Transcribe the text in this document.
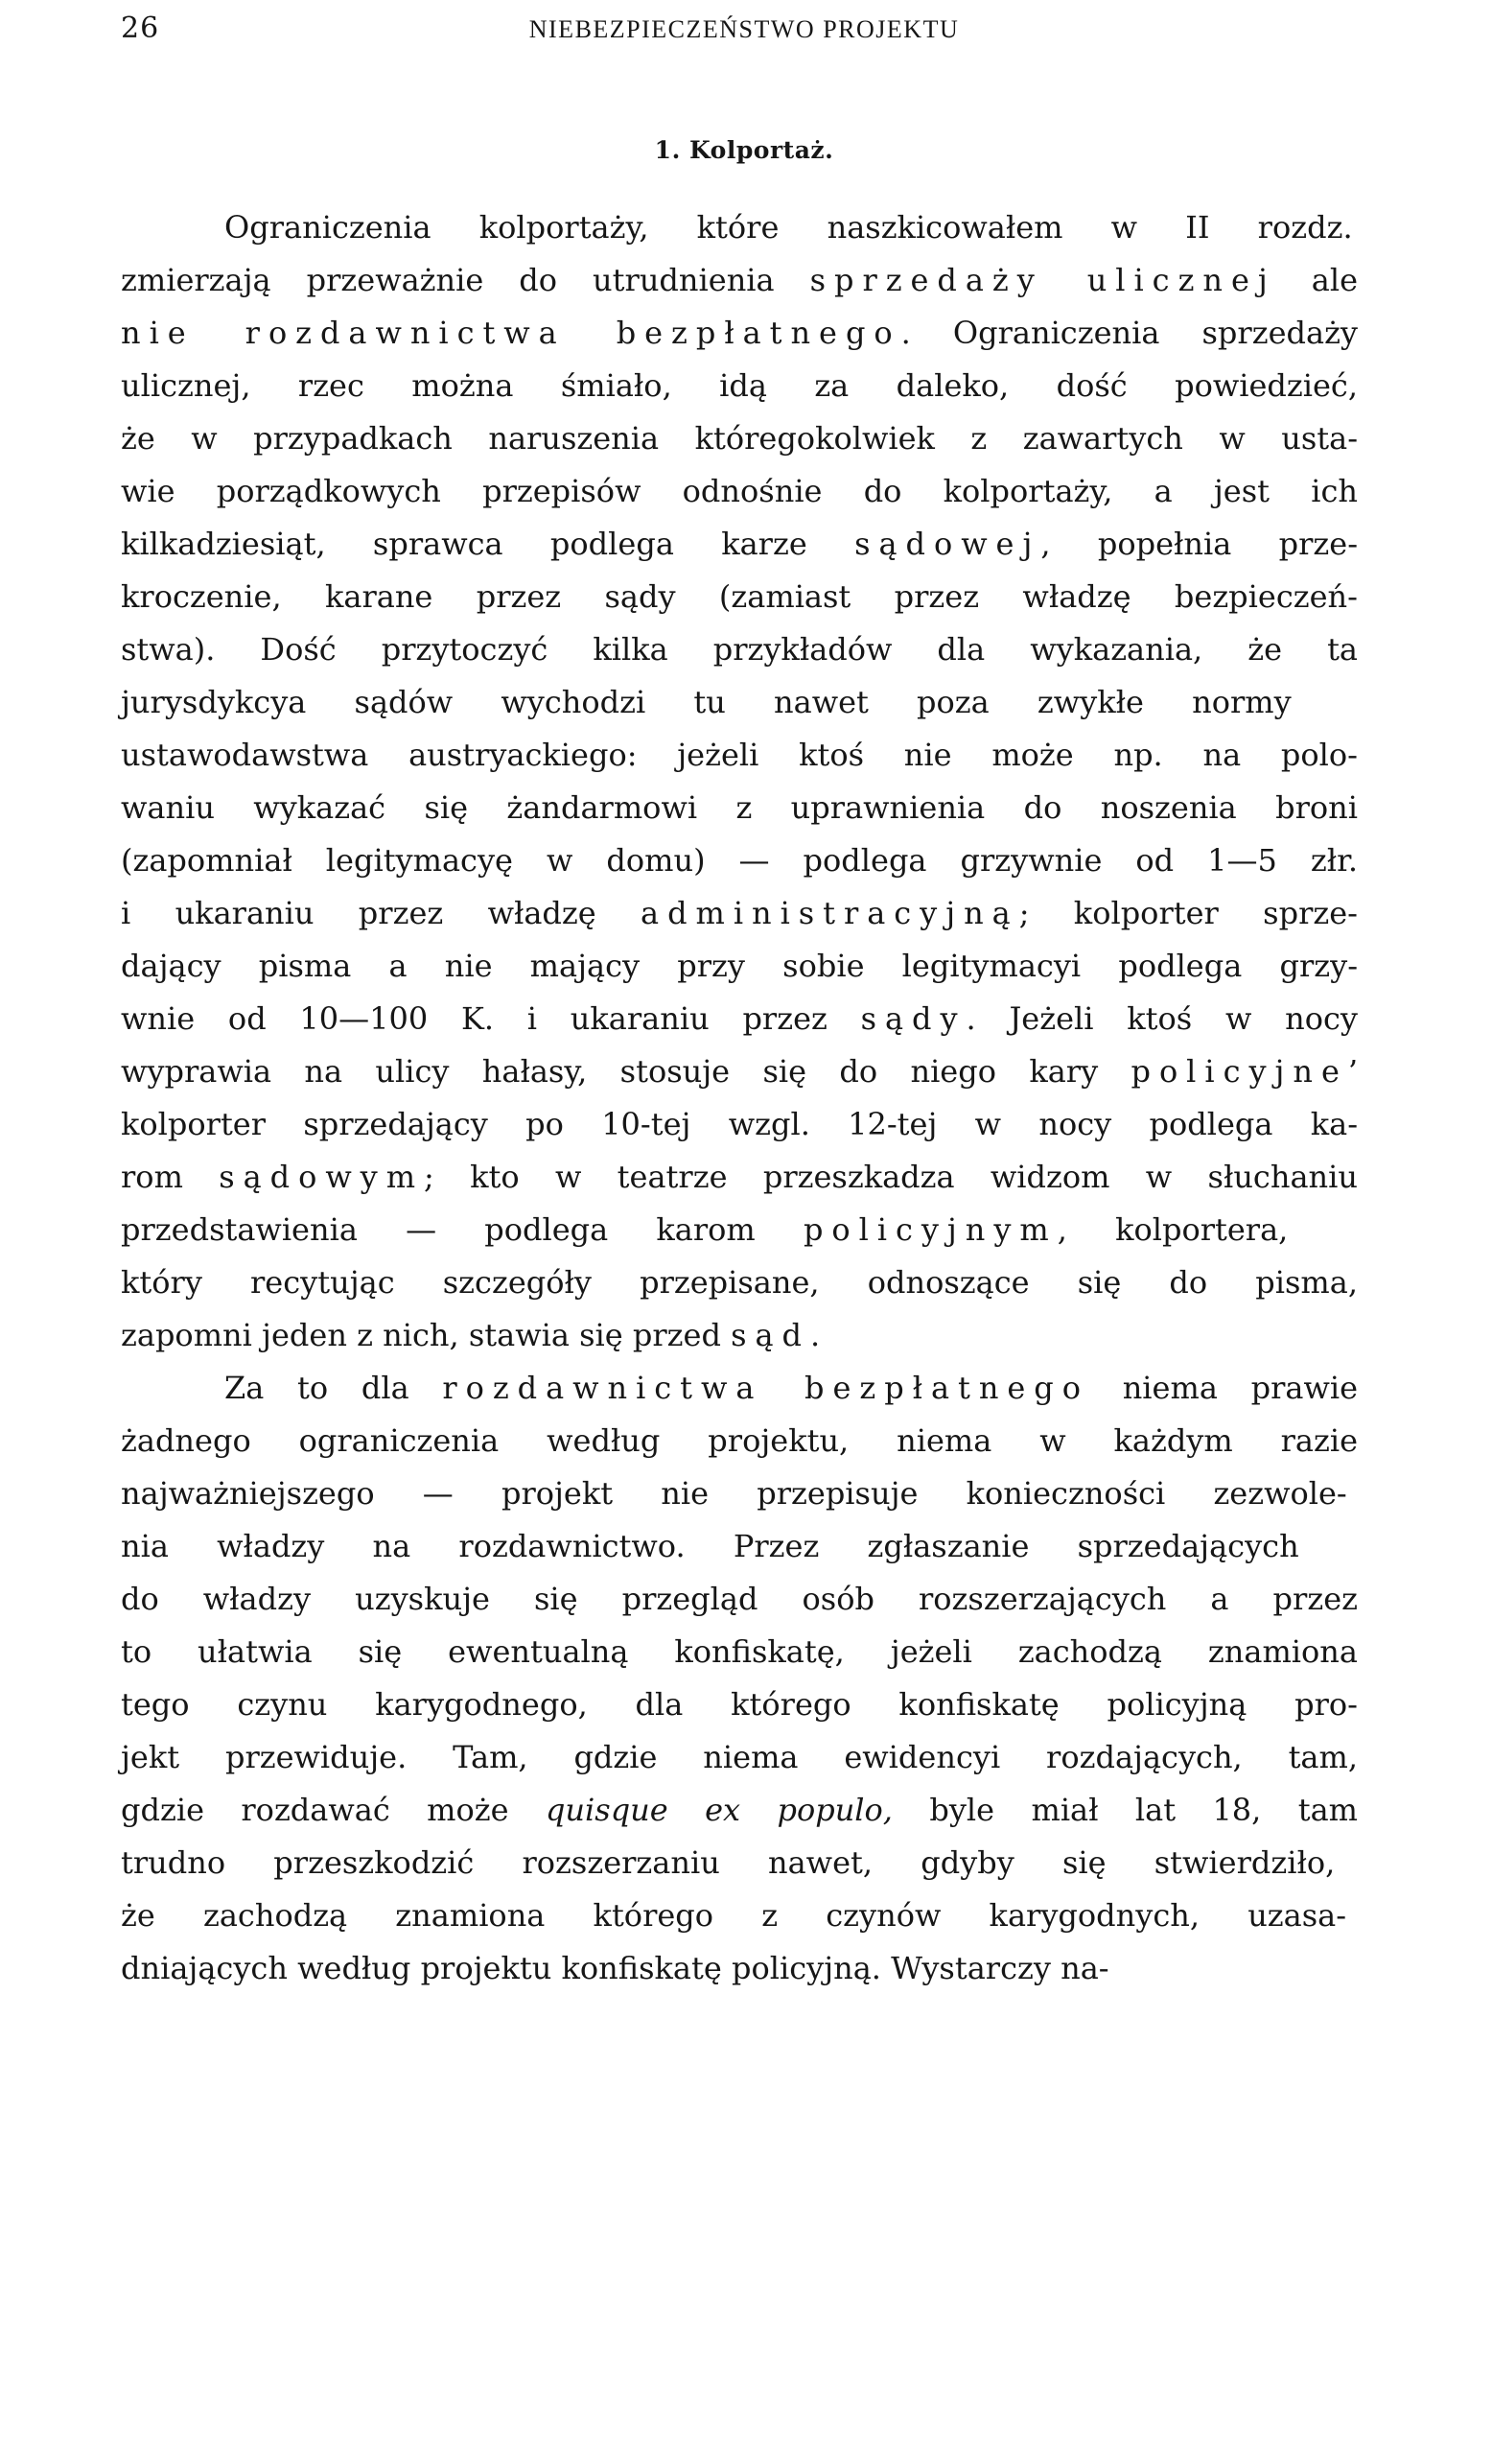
26	NIEBEZPIECZEŃSTWO PROJEKTU
1. Kolportaż.
Ograniczenia kolportaży, które naszkicowałem w II rozdz.
zmierzają przeważnie do utrudnienia sprzedaży ulicznej ale
nie rozdawnictwa bezpłatnego. Ograniczenia sprzedaży
ulicznej, rzec można śmiało, idą za daleko, dość powiedzieć,
że w przypadkach naruszenia któregokolwiek z zawartych w usta-
wie porządkowych przepisów odnośnie do kolportaży, a jest ich
kilkadziesiąt, sprawca podlega karze sądowej, popełnia prze-
kroczenie, karane przez sądy (zamiast przez władzę bezpieczeń-
stwa). Dość przytoczyć kilka przykładów dla wykazania, że ta
jurysdykcya sądów wychodzi tu nawet poza zwykłe normy
ustawodawstwa austryackiego: jeżeli ktoś nie może np. na polo-
waniu wykazać się żandarmowi z uprawnienia do noszenia broni
(zapomniał legitymacyę w domu) — podlega grzywnie od 1—5 złr.
i ukaraniu przez władzę administracyjną; kolporter sprze-
dający pisma a nie mający przy sobie legitymacyi podlega grzy-
wnie od 10—100 K. i ukaraniu przez sądy. Jeżeli ktoś w nocy
wyprawia na ulicy hałasy, stosuje się do niego kary policyjne’
kolporter sprzedający po 10-tej wzgl. 12-tej w nocy podlega ka-
rom sądowym; kto w teatrze przeszkadza widzom w słuchaniu
przedstawienia — podlega karom policyjnym, kolportera,
który recytując szczegóły przepisane, odnoszące się do pisma,
zapomni jeden z nich, stawia się przed sąd.
Za to dla rozdawnictwa bezpłatnego niema prawie
żadnego ograniczenia według projektu, niema w każdym razie
najważniejszego — projekt nie przepisuje konieczności zezwole-
nia władzy na rozdawnictwo. Przez zgłaszanie sprzedających
do władzy uzyskuje się przegląd osób rozszerzających a przez
to ułatwia się ewentualną konfiskatę, jeżeli zachodzą znamiona
tego czynu karygodnego, dla którego konfiskatę policyjną pro-
jekt przewiduje. Tam, gdzie niema ewidencyi rozdających, tam,
gdzie rozdawać może quisque ex populo, byle miał lat 18, tam
trudno przeszkodzić rozszerzaniu nawet, gdyby się stwierdziło,
że zachodzą znamiona którego z czynów karygodnych, uzasa-
dniających według projektu konfiskatę policyjną. Wystarczy na-
